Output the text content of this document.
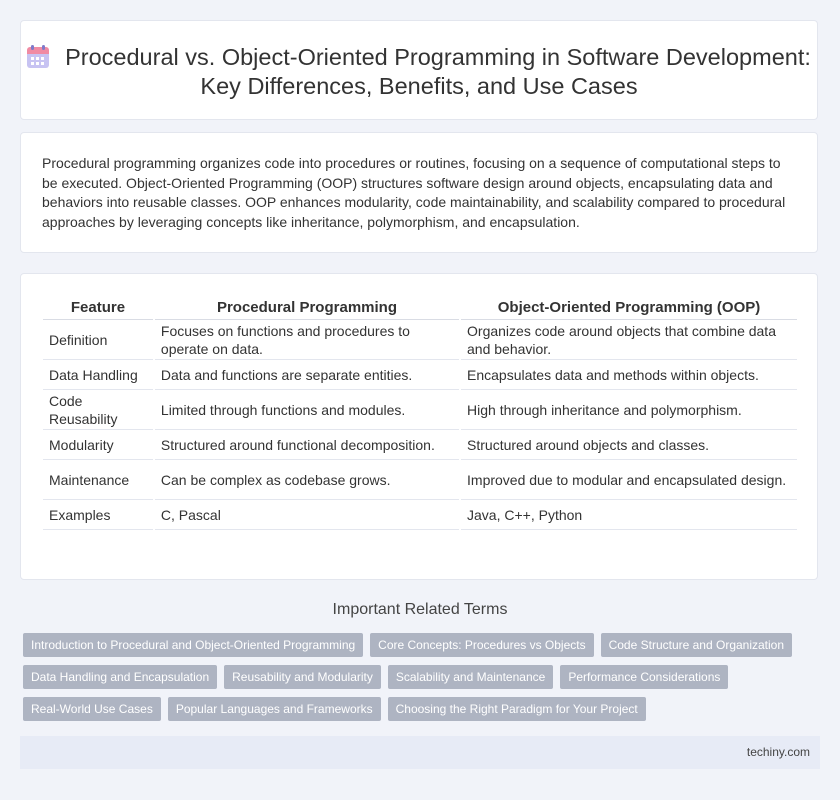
Procedural vs. Object-Oriented Programming in Software Development: Key Differences, Benefits, and Use Cases
Procedural programming organizes code into procedures or routines, focusing on a sequence of computational steps to be executed. Object-Oriented Programming (OOP) structures software design around objects, encapsulating data and behaviors into reusable classes. OOP enhances modularity, code maintainability, and scalability compared to procedural approaches by leveraging concepts like inheritance, polymorphism, and encapsulation.
Feature	Procedural Programming	Object-Oriented Programming (OOP)
Definition	Focuses on functions and procedures to operate on data.	Organizes code around objects that combine data and behavior.
Data Handling	Data and functions are separate entities.	Encapsulates data and methods within objects.
Code Reusability	Limited through functions and modules.	High through inheritance and polymorphism.
Modularity	Structured around functional decomposition.	Structured around objects and classes.
Maintenance	Can be complex as codebase grows.	Improved due to modular and encapsulated design.
Examples	C, Pascal	Java, C++, Python
Important Related Terms
Introduction to Procedural and Object-Oriented Programming	Core Concepts: Procedures vs Objects	Code Structure and Organization
Data Handling and Encapsulation	Reusability and Modularity	Scalability and Maintenance	Performance Considerations
Real-World Use Cases	Popular Languages and Frameworks	Choosing the Right Paradigm for Your Project
techiny.com
